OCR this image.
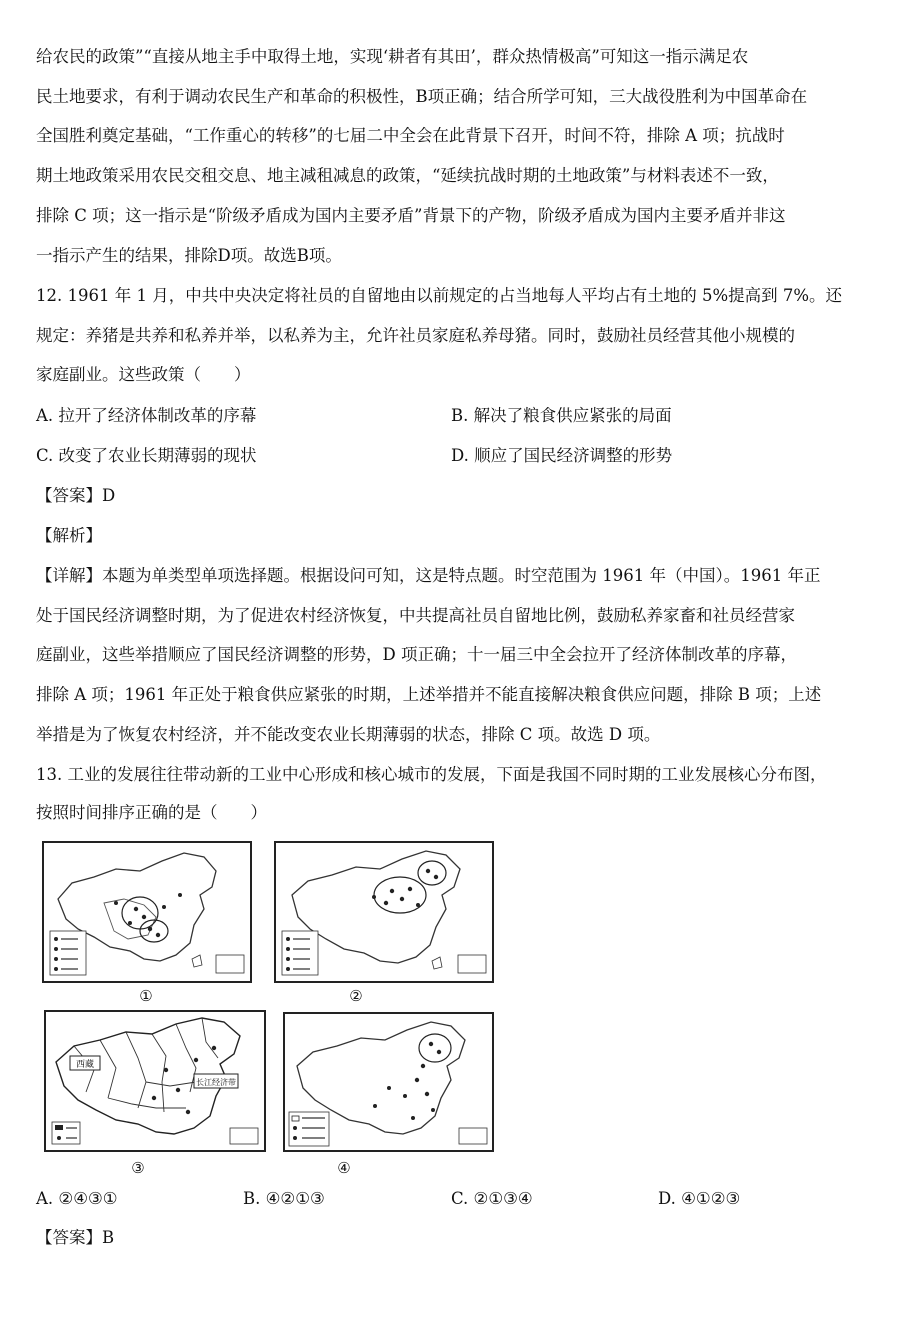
给农民的政策”“直接从地主手中取得土地，实现‘耕者有其田’，群众热情极高”可知这一指示满足农
民土地要求，有利于调动农民生产和革命的积极性，B项正确；结合所学可知，三大战役胜利为中国革命在
全国胜利奠定基础，“工作重心的转移”的七届二中全会在此背景下召开，时间不符，排除 A 项；抗战时
期土地政策采用农民交租交息、地主减租减息的政策，“延续抗战时期的土地政策”与材料表述不一致，
排除 C 项；这一指示是“阶级矛盾成为国内主要矛盾”背景下的产物，阶级矛盾成为国内主要矛盾并非这
一指示产生的结果，排除D项。故选B项。
12. 1961 年 1 月，中共中央决定将社员的自留地由以前规定的占当地每人平均占有土地的 5%提高到 7%。还
规定：养猪是共养和私养并举，以私养为主，允许社员家庭私养母猪。同时，鼓励社员经营其他小规模的
家庭副业。这些政策（　　）
A. 拉开了经济体制改革的序幕	B. 解决了粮食供应紧张的局面
C. 改变了农业长期薄弱的现状	D. 顺应了国民经济调整的形势
【答案】D
【解析】
【详解】本题为单类型单项选择题。根据设问可知，这是特点题。时空范围为 1961 年（中国）。1961 年正
处于国民经济调整时期，为了促进农村经济恢复，中共提高社员自留地比例，鼓励私养家畜和社员经营家
庭副业，这些举措顺应了国民经济调整的形势，D 项正确；十一届三中全会拉开了经济体制改革的序幕，
排除 A 项；1961 年正处于粮食供应紧张的时期，上述举措并不能直接解决粮食供应问题，排除 B 项；上述
举措是为了恢复农村经济，并不能改变农业长期薄弱的状态，排除 C 项。故选 D 项。
13. 工业的发展往往带动新的工业中心形成和核心城市的发展，下面是我国不同时期的工业发展核心分布图，
按照时间排序正确的是（　　）
①	②
西藏
长江经济带
③	④
A. ②④③①	B. ④②①③	C. ②①③④	D. ④①②③
【答案】B
